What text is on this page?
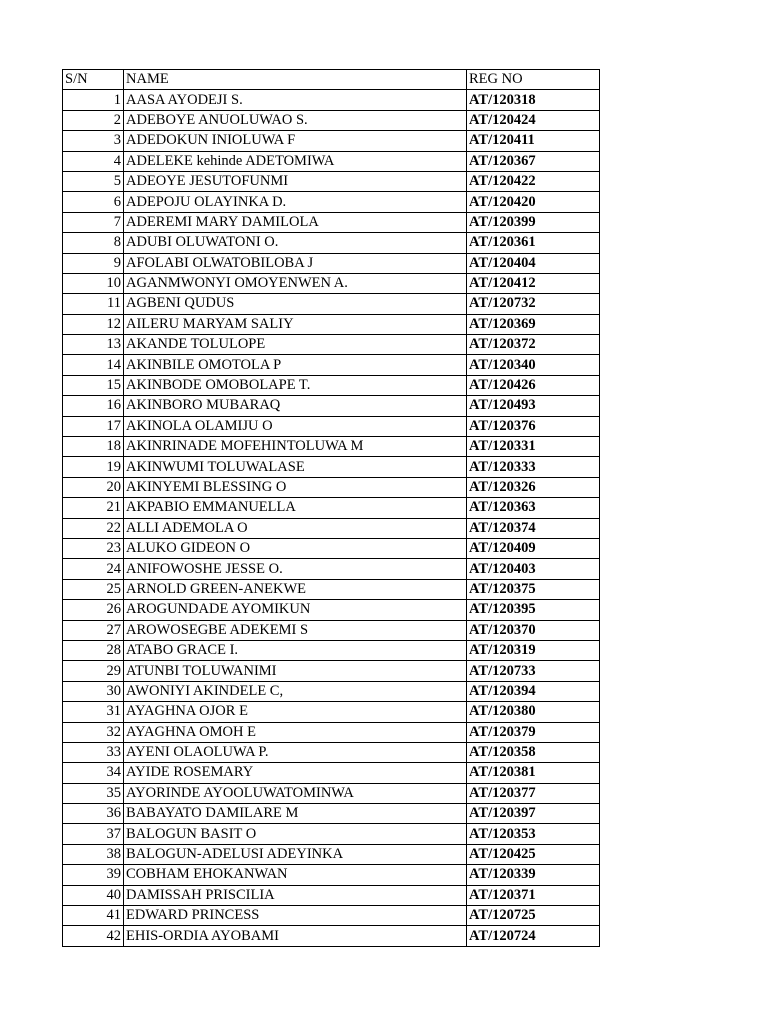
S/N	NAME	REG NO
1	AASA AYODEJI S.	AT/120318
2	ADEBOYE ANUOLUWAO S.	AT/120424
3	ADEDOKUN INIOLUWA F	AT/120411
4	ADELEKE kehinde ADETOMIWA	AT/120367
5	ADEOYE JESUTOFUNMI	AT/120422
6	ADEPOJU OLAYINKA D.	AT/120420
7	ADEREMI MARY DAMILOLA	AT/120399
8	ADUBI OLUWATONI O.	AT/120361
9	AFOLABI OLWATOBILOBA J	AT/120404
10	AGANMWONYI OMOYENWEN A.	AT/120412
11	AGBENI QUDUS	AT/120732
12	AILERU MARYAM SALIY	AT/120369
13	AKANDE TOLULOPE	AT/120372
14	AKINBILE OMOTOLA P	AT/120340
15	AKINBODE OMOBOLAPE T.	AT/120426
16	AKINBORO MUBARAQ	AT/120493
17	AKINOLA OLAMIJU O	AT/120376
18	AKINRINADE MOFEHINTOLUWA M	AT/120331
19	AKINWUMI TOLUWALASE	AT/120333
20	AKINYEMI BLESSING O	AT/120326
21	AKPABIO EMMANUELLA	AT/120363
22	ALLI ADEMOLA O	AT/120374
23	ALUKO GIDEON O	AT/120409
24	ANIFOWOSHE JESSE O.	AT/120403
25	ARNOLD GREEN-ANEKWE	AT/120375
26	AROGUNDADE AYOMIKUN	AT/120395
27	AROWOSEGBE ADEKEMI S	AT/120370
28	ATABO GRACE I.	AT/120319
29	ATUNBI TOLUWANIMI	AT/120733
30	AWONIYI AKINDELE C,	AT/120394
31	AYAGHNA OJOR E	AT/120380
32	AYAGHNA OMOH E	AT/120379
33	AYENI OLAOLUWA P.	AT/120358
34	AYIDE ROSEMARY	AT/120381
35	AYORINDE AYOOLUWATOMINWA	AT/120377
36	BABAYATO DAMILARE M	AT/120397
37	BALOGUN BASIT O	AT/120353
38	BALOGUN-ADELUSI ADEYINKA	AT/120425
39	COBHAM EHOKANWAN	AT/120339
40	DAMISSAH PRISCILIA	AT/120371
41	EDWARD PRINCESS	AT/120725
42	EHIS-ORDIA AYOBAMI	AT/120724
